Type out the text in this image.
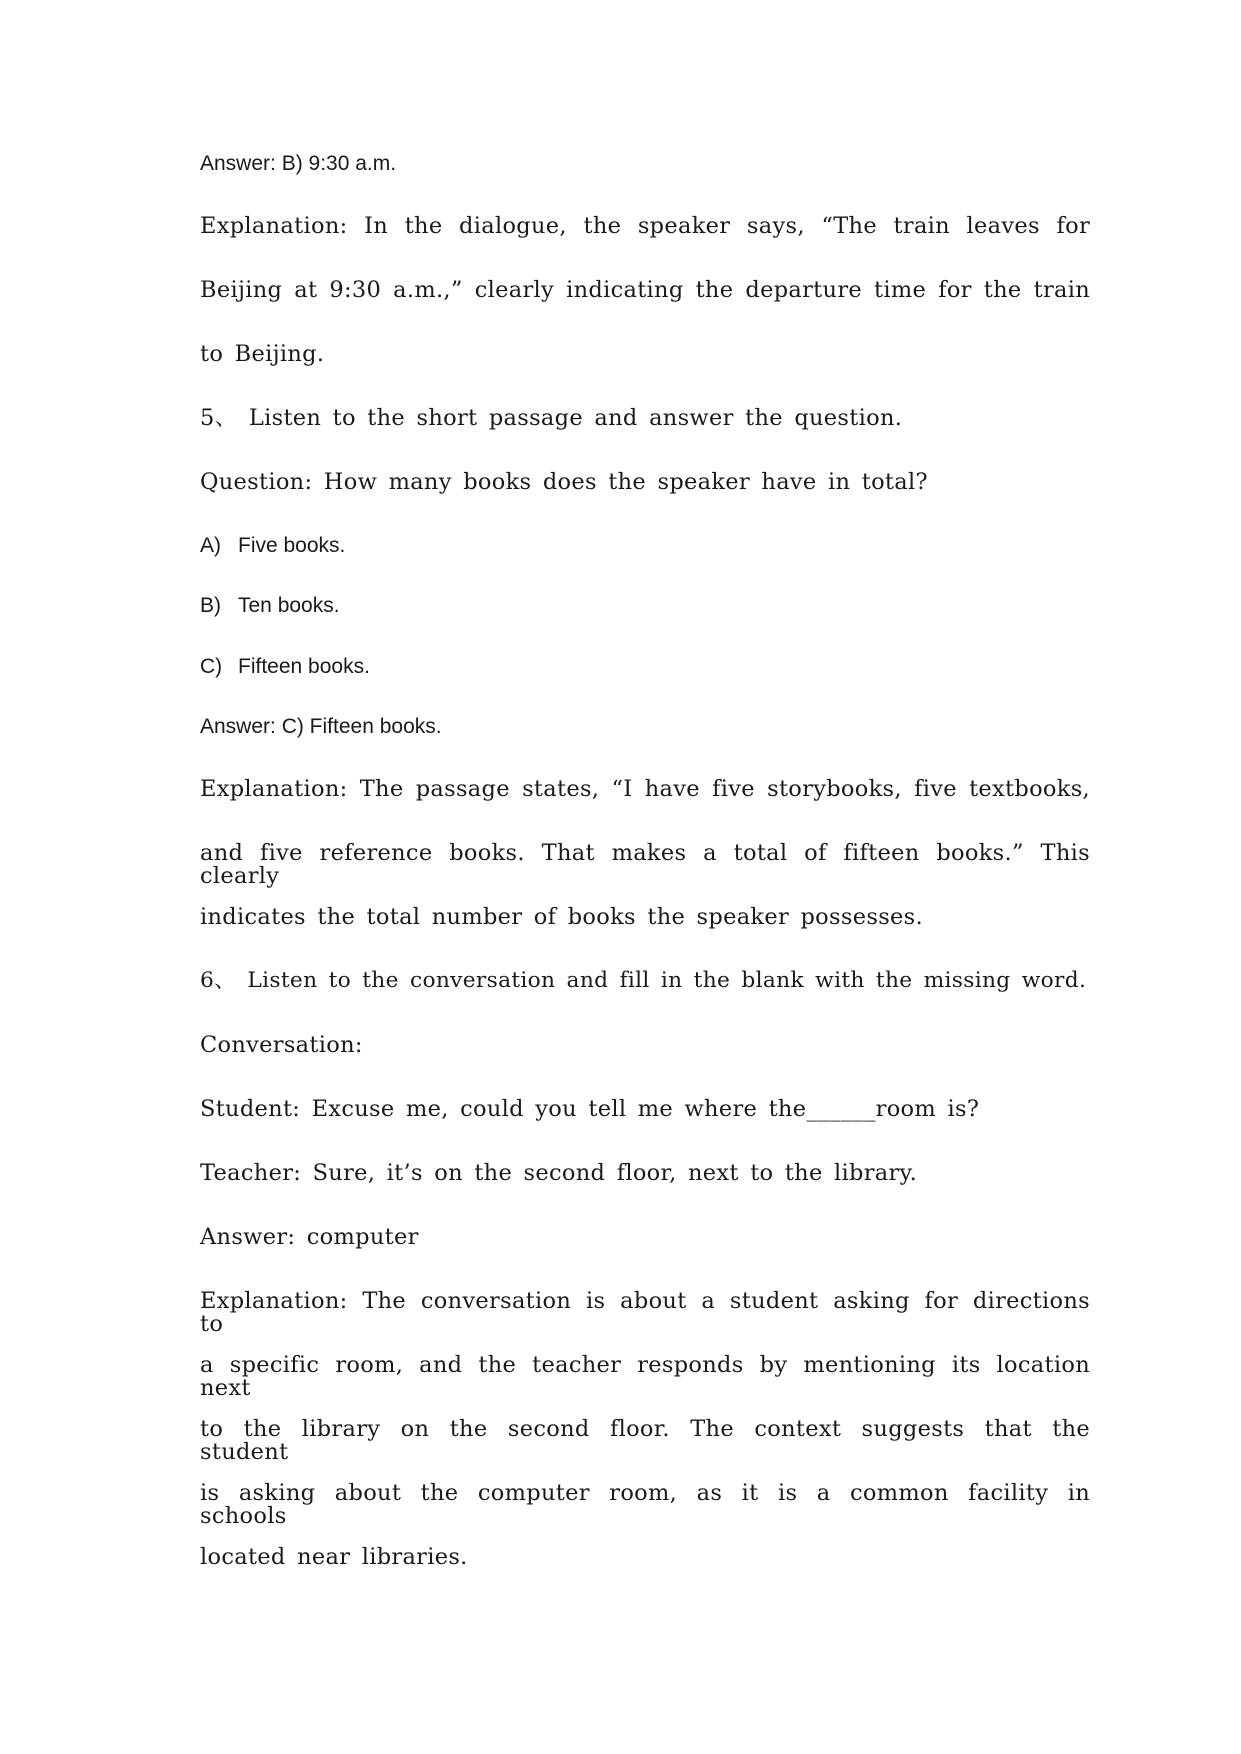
Answer: B) 9:30 a.m.
Explanation: In the dialogue, the speaker says, “The train leaves for
Beijing at 9:30 a.m.,” clearly indicating the departure time for the train
to Beijing.
5、 Listen to the short passage and answer the question.
Question: How many books does the speaker have in total?
A) Five books.
B) Ten books.
C) Fifteen books.
Answer: C) Fifteen books.
Explanation: The passage states, “I have five storybooks, five textbooks,
and five reference books. That makes a total of fifteen books.” This clearly
indicates the total number of books the speaker possesses.
6、 Listen to the conversation and fill in the blank with the missing word.
Conversation:
Student: Excuse me, could you tell me where the______room is?
Teacher: Sure, it’s on the second floor, next to the library.
Answer: computer
Explanation: The conversation is about a student asking for directions to
a specific room, and the teacher responds by mentioning its location next
to the library on the second floor. The context suggests that the student
is asking about the computer room, as it is a common facility in schools
located near libraries.
